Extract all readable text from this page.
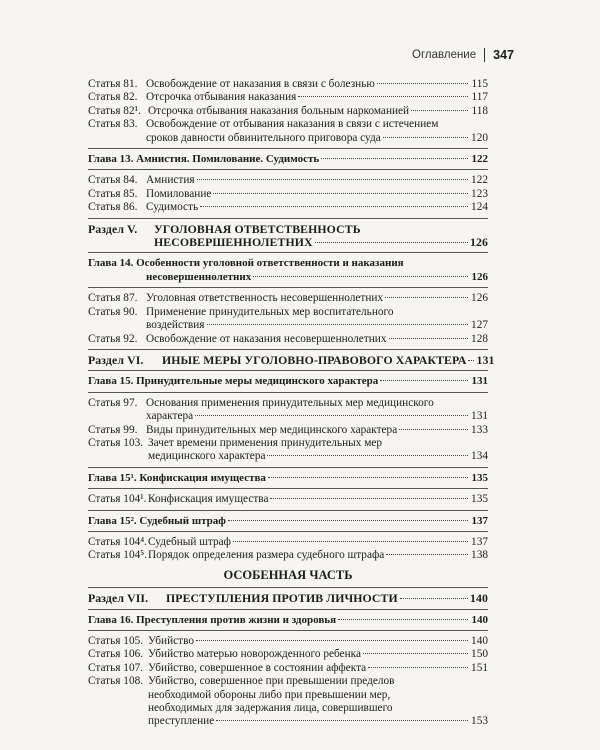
Оглавление 347
Статья 81. Освобождение от наказания в связи с болезнью	115
Статья 82. Отсрочка отбывания наказания	117
Статья 82¹. Отсрочка отбывания наказания больным наркоманией	118
Статья 83. Освобождение от отбывания наказания в связи с истечением
сроков давности обвинительного приговора суда	120
Глава 13. Амнистия. Помилование. Судимость	122
Статья 84. Амнистия	122
Статья 85. Помилование	123
Статья 86. Судимость	124
Раздел V.	УГОЛОВНАЯ ОТВЕТСТВЕННОСТЬ
НЕСОВЕРШЕННОЛЕТНИХ	126
Глава 14. Особенности уголовной ответственности и наказания
несовершеннолетних	126
Статья 87. Уголовная ответственность несовершеннолетних	126
Статья 90. Применение принудительных мер воспитательного
воздействия	127
Статья 92. Освобождение от наказания несовершеннолетних	128
Раздел VI.	ИНЫЕ МЕРЫ УГОЛОВНО-ПРАВОВОГО ХАРАКТЕРА 131
Глава 15. Принудительные меры медицинского характера	131
Статья 97. Основания применения принудительных мер медицинского
характера	131
Статья 99. Виды принудительных мер медицинского характера	133
Статья 103. Зачет времени применения принудительных мер
медицинского характера	134
Глава 15¹. Конфискация имущества	135
Статья 104¹. Конфискация имущества	135
Глава 15². Судебный штраф	137
Статья 104⁴. Судебный штраф	137
Статья 104⁵. Порядок определения размера судебного штрафа	138
ОСОБЕННАЯ ЧАСТЬ
Раздел VII.	ПРЕСТУПЛЕНИЯ ПРОТИВ ЛИЧНОСТИ	140
Глава 16. Преступления против жизни и здоровья	140
Статья 105. Убийство	140
Статья 106. Убийство матерью новорожденного ребенка	150
Статья 107. Убийство, совершенное в состоянии аффекта	151
Статья 108. Убийство, совершенное при превышении пределов
необходимой обороны либо при превышении мер,
необходимых для задержания лица, совершившего
преступление	153
